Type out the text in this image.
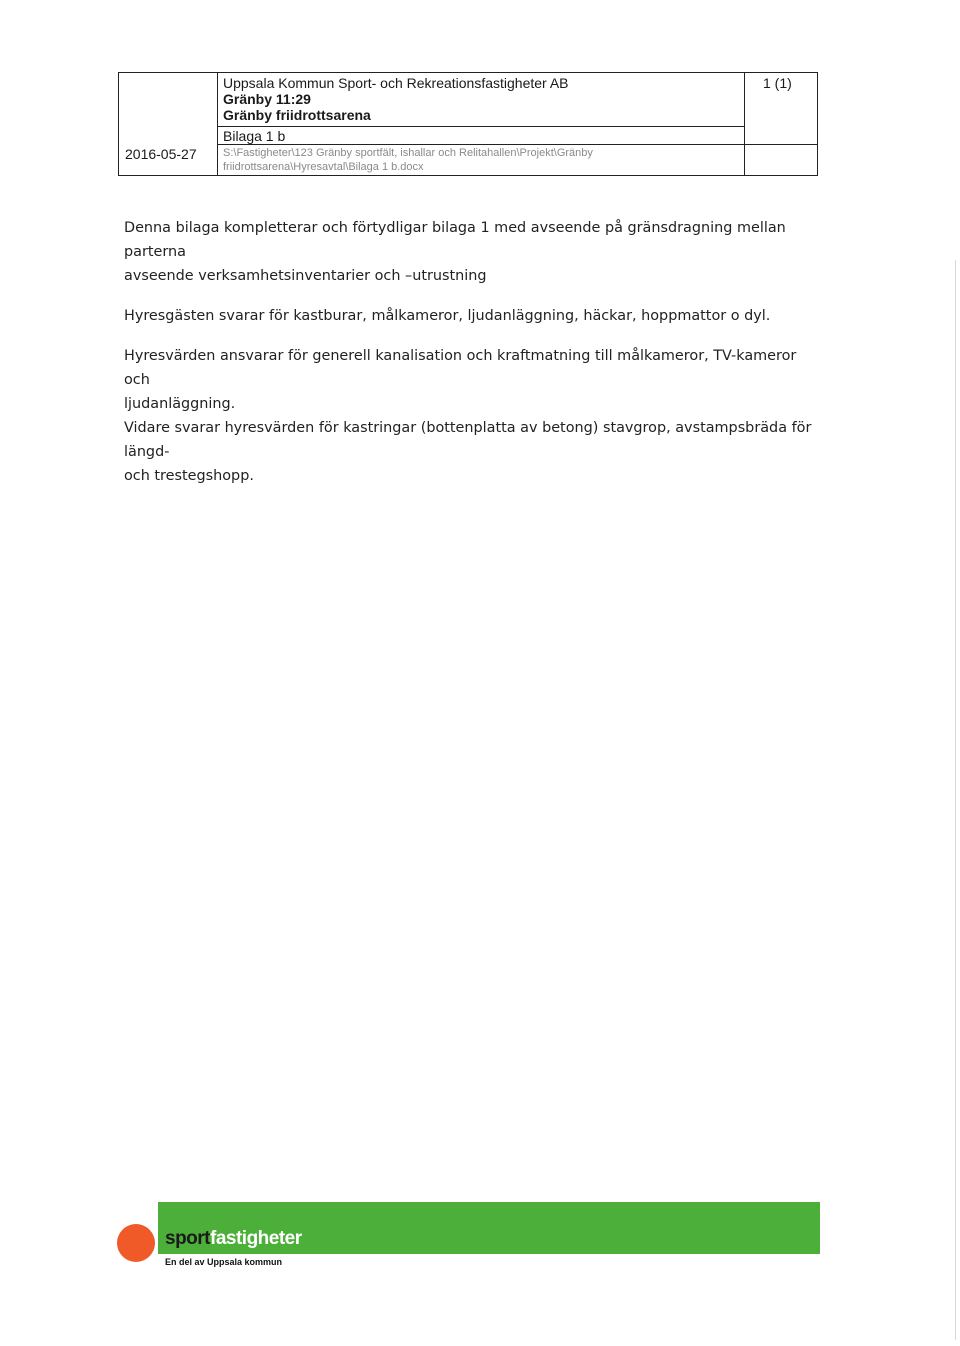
Uppsala Kommun Sport- och Rekreationsfastigheter AB	1 (1)
Gränby 11:29
Gränby friidrottsarena
Bilaga 1 b
2016-05-27 S:\Fastigheter\123 Gränby sportfält, ishallar och Relitahallen\Projekt\Gränby
friidrottsarena\Hyresavtal\Bilaga 1 b.docx

Denna bilaga kompletterar och förtydligar bilaga 1 med avseende på gränsdragning mellan parterna

avseende verksamhetsinventarier och –utrustning

Hyresgästen svarar för kastburar, målkameror, ljudanläggning, häckar, hoppmattor o dyl.

Hyresvärden ansvarar för generell kanalisation och kraftmatning till målkameror, TV-kameror och

ljudanläggning.

Vidare svarar hyresvärden för kastringar (bottenplatta av betong) stavgrop, avstampsbräda för längd-

och trestegshopp.

sportfastigheter
En del av Uppsala kommun
